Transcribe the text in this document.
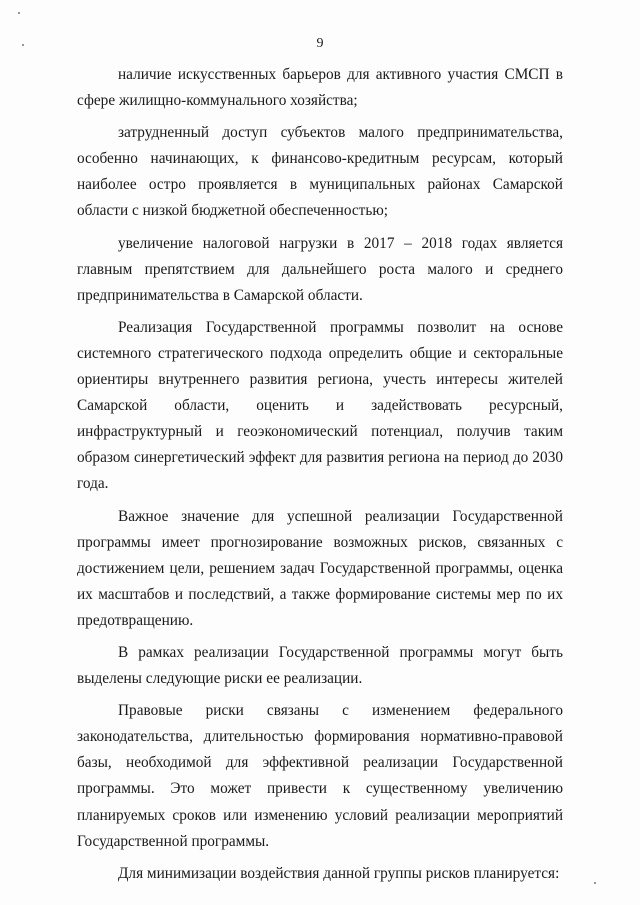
9

наличие искусственных барьеров для активного участия СМСП в сфере жилищно-коммунального хозяйства;

затрудненный доступ субъектов малого предпринимательства, особенно начинающих, к финансово-кредитным ресурсам, который наиболее остро проявляется в муниципальных районах Самарской области с низкой бюджетной обеспеченностью;

увеличение налоговой нагрузки в 2017 – 2018 годах является главным препятствием для дальнейшего роста малого и среднего предпринимательства в Самарской области.

Реализация Государственной программы позволит на основе системного стратегического подхода определить общие и секторальные ориентиры внутреннего развития региона, учесть интересы жителей Самарской области, оценить и задействовать ресурсный, инфраструктурный и геоэкономический потенциал, получив таким образом синергетический эффект для развития региона на период до 2030 года.

Важное значение для успешной реализации Государственной программы имеет прогнозирование возможных рисков, связанных с достижением цели, решением задач Государственной программы, оценка их масштабов и последствий, а также формирование системы мер по их предотвращению.

В рамках реализации Государственной программы могут быть выделены следующие риски ее реализации.

Правовые риски связаны с изменением федерального законодательства, длительностью формирования нормативно-правовой базы, необходимой для эффективной реализации Государственной программы. Это может привести к существенному увеличению планируемых сроков или изменению условий реализации мероприятий Государственной программы.

Для минимизации воздействия данной группы рисков планируется:
